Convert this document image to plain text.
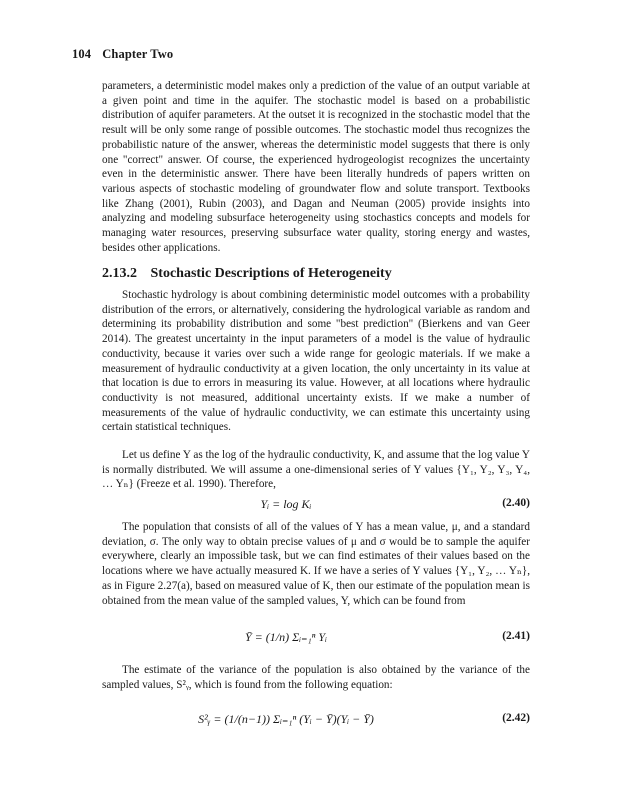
104 Chapter Two

parameters, a deterministic model makes only a prediction of the value of an output variable at a given point and time in the aquifer. The stochastic model is based on a probabilistic distribution of aquifer parameters. At the outset it is recognized in the stochastic model that the result will be only some range of possible outcomes. The stochastic model thus recognizes the probabilistic nature of the answer, whereas the deterministic model suggests that there is only one "correct" answer. Of course, the experienced hydrogeologist recognizes the uncertainty even in the deterministic answer. There have been literally hundreds of papers written on various aspects of stochastic modeling of groundwater flow and solute transport. Textbooks like Zhang (2001), Rubin (2003), and Dagan and Neuman (2005) provide insights into analyzing and modeling subsurface heterogeneity using stochastics concepts and models for managing water resources, preserving subsurface water quality, storing energy and wastes, besides other applications.

2.13.2 Stochastic Descriptions of Heterogeneity

Stochastic hydrology is about combining deterministic model outcomes with a probability distribution of the errors, or alternatively, considering the hydrological variable as random and determining its probability distribution and some "best prediction" (Bierkens and van Geer 2014). The greatest uncertainty in the input parameters of a model is the value of hydraulic conductivity, because it varies over such a wide range for geologic materials. If we make a measurement of hydraulic conductivity at a given location, the only uncertainty in its value at that location is due to errors in measuring its value. However, at all locations where hydraulic conductivity is not measured, additional uncertainty exists. If we make a number of measurements of the value of hydraulic conductivity, we can estimate this uncertainty using certain statistical techniques.

Let us define Y as the log of the hydraulic conductivity, K, and assume that the log value Y is normally distributed. We will assume a one-dimensional series of Y values {Y₁, Y₂, Y₃, Y₄, … Yₙ} (Freeze et al. 1990). Therefore,

Yᵢ = log Kᵢ	(2.40)

The population that consists of all of the values of Y has a mean value, μ, and a standard deviation, σ. The only way to obtain precise values of μ and σ would be to sample the aquifer everywhere, clearly an impossible task, but we can find estimates of their values based on the locations where we have actually measured K. If we have a series of Y values {Y₁, Y₂, … Yₙ}, as in Figure 2.27(a), based on measured value of K, then our estimate of the population mean is obtained from the mean value of the sampled values, Y, which can be found from

Ȳ = (1/n) Σᵢ₌₁ⁿ Yᵢ	(2.41)

The estimate of the variance of the population is also obtained by the variance of the sampled values, S²ᵧ, which is found from the following equation:

S²ᵧ = (1/(n−1)) Σᵢ₌₁ⁿ (Yᵢ − Ȳ)(Yᵢ − Ȳ)	(2.42)
